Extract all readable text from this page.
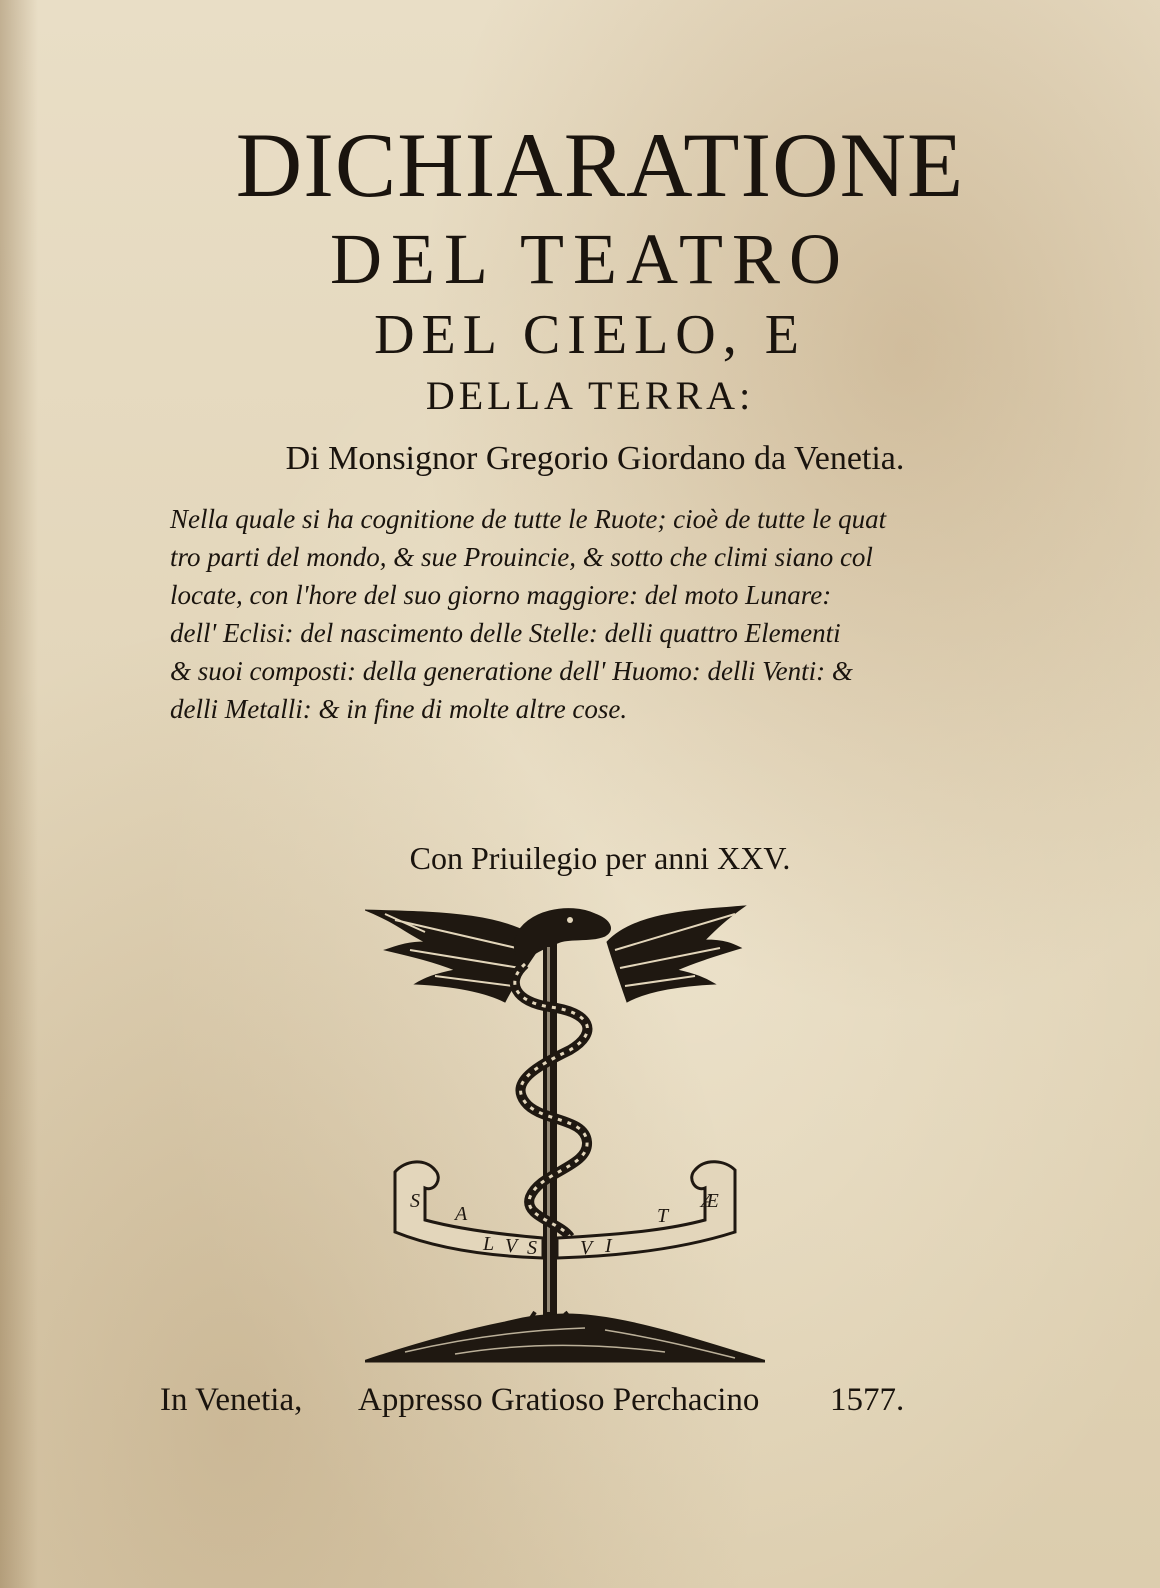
DICHIARATIONE
DEL TEATRO
DEL CIELO, E
DELLA TERRA:

Di Monsignor Gregorio Giordano da Venetia.

Nella quale si ha cognitione de tutte le Ruote; cioè de tutte le quat
tro parti del mondo, & sue Prouincie, & sotto che climi siano col
locate, con l'hore del suo giorno maggiore: del moto Lunare:
dell' Eclisi: del nascimento delle Stelle: delli quattro Elementi
& suoi composti: della generatione dell' Huomo: delli Venti: &
delli Metalli: & in fine di molte altre cose.

Con Priuilegio per anni XXV.

S
A
L V S V I
T
Æ
In Venetia, Appresso Gratioso Perchacino 1577.
